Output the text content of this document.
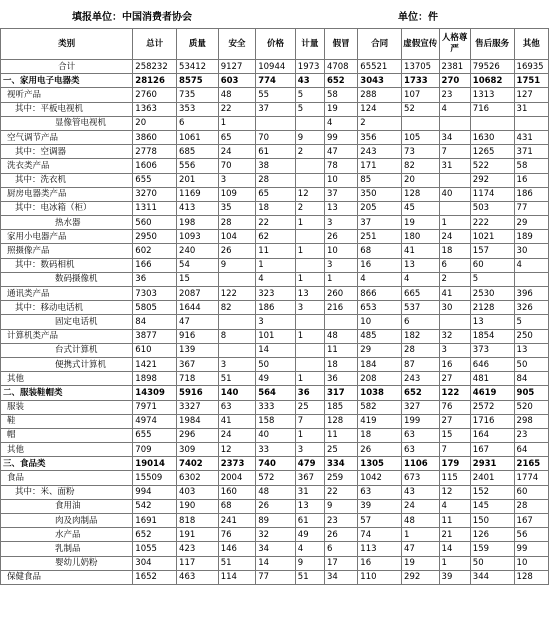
填报单位：中国消费者协会	单位：件
类别	总计	质量	安全	价格	计量	假冒	合同	虚假宣传	人格尊严	售后服务	其他
合计	258232	53412	9127	10944	1973	4708	65521	13705	2381	79526	16935
一、家用电子电器类	28126	8575	603	774	43	652	3043	1733	270	10682	1751
视听产品	2760	735	48	55	5	58	288	107	23	1313	127
其中：平板电视机	1363	353	22	37	5	19	124	52	4	716	31
显像管电视机	20	6	1			4	2				
空气调节产品	3860	1061	65	70	9	99	356	105	34	1630	431
其中：空调器	2778	685	24	61	2	47	243	73	7	1265	371
洗衣类产品	1606	556	70	38		78	171	82	31	522	58
其中：洗衣机	655	201	3	28		10	85	20		292	16
厨房电器类产品	3270	1169	109	65	12	37	350	128	40	1174	186
其中：电冰箱（柜）	1311	413	35	18	2	13	205	45		503	77
热水器	560	198	28	22	1	3	37	19	1	222	29
家用小电器产品	2950	1093	104	62		26	251	180	24	1021	189
照摄像产品	602	240	26	11	1	10	68	41	18	157	30
其中：数码相机	166	54	9	1		3	16	13	6	60	4
数码摄像机	36	15		4	1	1	4	4	2	5	
通讯类产品	7303	2087	122	323	13	260	866	665	41	2530	396
其中：移动电话机	5805	1644	82	186	3	216	653	537	30	2128	326
固定电话机	84	47		3			10	6		13	5
计算机类产品	3877	916	8	101	1	48	485	182	32	1854	250
台式计算机	610	139		14		11	29	28	3	373	13
便携式计算机	1421	367	3	50		18	184	87	16	646	50
其他	1898	718	51	49	1	36	208	243	27	481	84
二、服装鞋帽类	14309	5916	140	564	36	317	1038	652	122	4619	905
服装	7971	3327	63	333	25	185	582	327	76	2572	520
鞋	4974	1984	41	158	7	128	419	199	27	1716	298
帽	655	296	24	40	1	11	18	63	15	164	23
其他	709	309	12	33	3	25	26	63	7	167	64
三、食品类	19014	7402	2373	740	479	334	1305	1106	179	2931	2165
食品	15509	6302	2004	572	367	259	1042	673	115	2401	1774
其中：米、面粉	994	403	160	48	31	22	63	43	12	152	60
食用油	542	190	68	26	13	9	39	24	4	145	28
肉及肉制品	1691	818	241	89	61	23	57	48	11	150	167
水产品	652	191	76	32	49	26	74	1	21	126	56
乳制品	1055	423	146	34	4	6	113	47	14	159	99
婴幼儿奶粉	304	117	51	14	9	17	16	19	1	50	10
保健食品	1652	463	114	77	51	34	110	292	39	344	128
